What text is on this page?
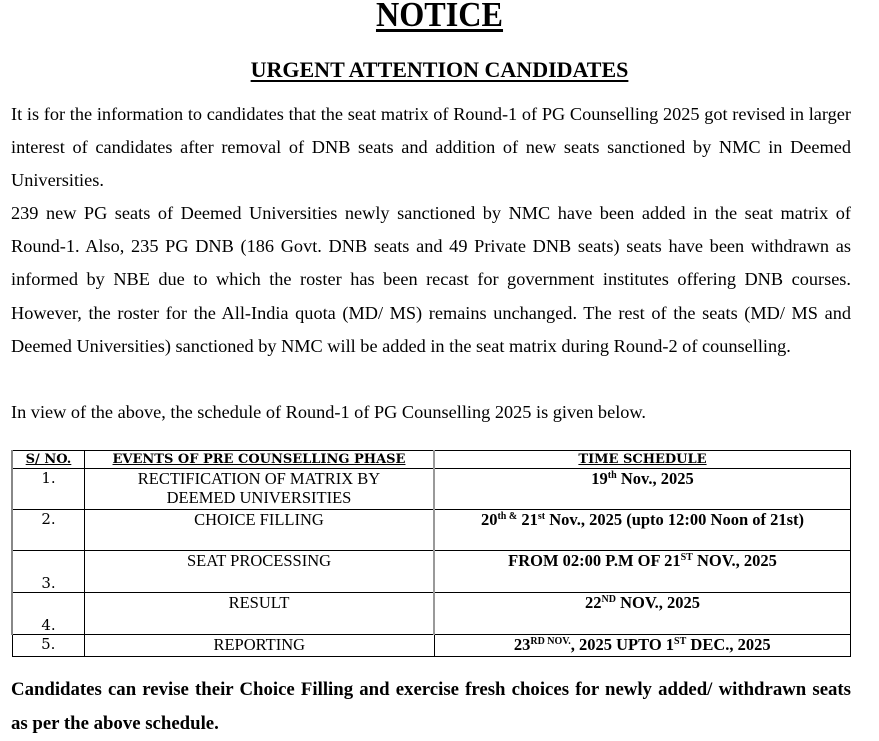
NOTICE
URGENT ATTENTION CANDIDATES
It is for the information to candidates that the seat matrix of Round-1 of PG Counselling 2025 got revised in larger interest of candidates after removal of DNB seats and addition of new seats sanctioned by NMC in Deemed Universities.
239 new PG seats of Deemed Universities newly sanctioned by NMC have been added in the seat matrix of Round-1. Also, 235 PG DNB (186 Govt. DNB seats and 49 Private DNB seats) seats have been withdrawn as informed by NBE due to which the roster has been recast for government institutes offering DNB courses. However, the roster for the All-India quota (MD/ MS) remains unchanged. The rest of the seats (MD/ MS and Deemed Universities) sanctioned by NMC will be added in the seat matrix during Round-2 of counselling.
In view of the above, the schedule of Round-1 of PG Counselling 2025 is given below.
S/ NO.	EVENTS OF PRE COUNSELLING PHASE	TIME SCHEDULE
1.	RECTIFICATION OF MATRIX BY
DEEMED UNIVERSITIES	19th Nov., 2025
2.	CHOICE FILLING	$20^{th \&}$ 21st Nov., 2025 (upto 12:00 Noon of 21st)
3.	SEAT PROCESSING	FROM 02:00 P.M OF 21ST NOV., 2025
4.	RESULT	22ND NOV., 2025
5.	REPORTING	$23^{RD NOV.}$, 2025 UPTO 1ST DEC., 2025
Candidates can revise their Choice Filling and exercise fresh choices for newly added/ withdrawn seats as per the above schedule.
